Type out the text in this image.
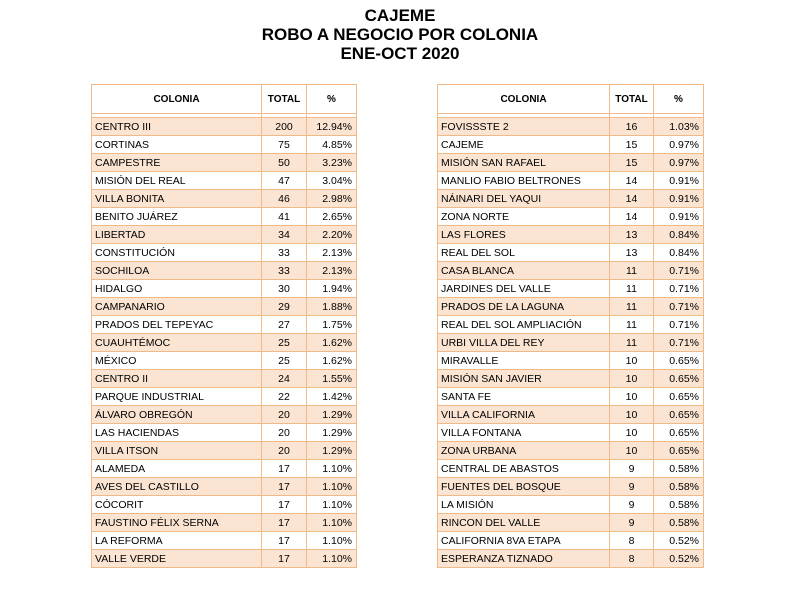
CAJEME
ROBO A NEGOCIO POR COLONIA
ENE-OCT 2020
COLONIA	TOTAL	%

CENTRO III	200	12.94%
CORTINAS	75	4.85%
CAMPESTRE	50	3.23%
MISIÓN DEL REAL	47	3.04%
VILLA BONITA	46	2.98%
BENITO JUÁREZ	41	2.65%
LIBERTAD	34	2.20%
CONSTITUCIÓN	33	2.13%
SOCHILOA	33	2.13%
HIDALGO	30	1.94%
CAMPANARIO	29	1.88%
PRADOS DEL TEPEYAC	27	1.75%
CUAUHTÉMOC	25	1.62%
MÉXICO	25	1.62%
CENTRO II	24	1.55%
PARQUE INDUSTRIAL	22	1.42%
ÁLVARO OBREGÓN	20	1.29%
LAS HACIENDAS	20	1.29%
VILLA ITSON	20	1.29%
ALAMEDA	17	1.10%
AVES DEL CASTILLO	17	1.10%
CÓCORIT	17	1.10%
FAUSTINO FÉLIX SERNA	17	1.10%
LA REFORMA	17	1.10%
VALLE VERDE	17	1.10%
COLONIA	TOTAL	%

FOVISSSTE 2	16	1.03%
CAJEME	15	0.97%
MISIÓN SAN RAFAEL	15	0.97%
MANLIO FABIO BELTRONES	14	0.91%
NÁINARI DEL YAQUI	14	0.91%
ZONA NORTE	14	0.91%
LAS FLORES	13	0.84%
REAL DEL SOL	13	0.84%
CASA BLANCA	11	0.71%
JARDINES DEL VALLE	11	0.71%
PRADOS DE LA LAGUNA	11	0.71%
REAL DEL SOL AMPLIACIÓN	11	0.71%
URBI VILLA DEL REY	11	0.71%
MIRAVALLE	10	0.65%
MISIÓN SAN JAVIER	10	0.65%
SANTA FE	10	0.65%
VILLA CALIFORNIA	10	0.65%
VILLA FONTANA	10	0.65%
ZONA URBANA	10	0.65%
CENTRAL DE ABASTOS	9	0.58%
FUENTES DEL BOSQUE	9	0.58%
LA MISIÓN	9	0.58%
RINCON DEL VALLE	9	0.58%
CALIFORNIA 8VA ETAPA	8	0.52%
ESPERANZA TIZNADO	8	0.52%
